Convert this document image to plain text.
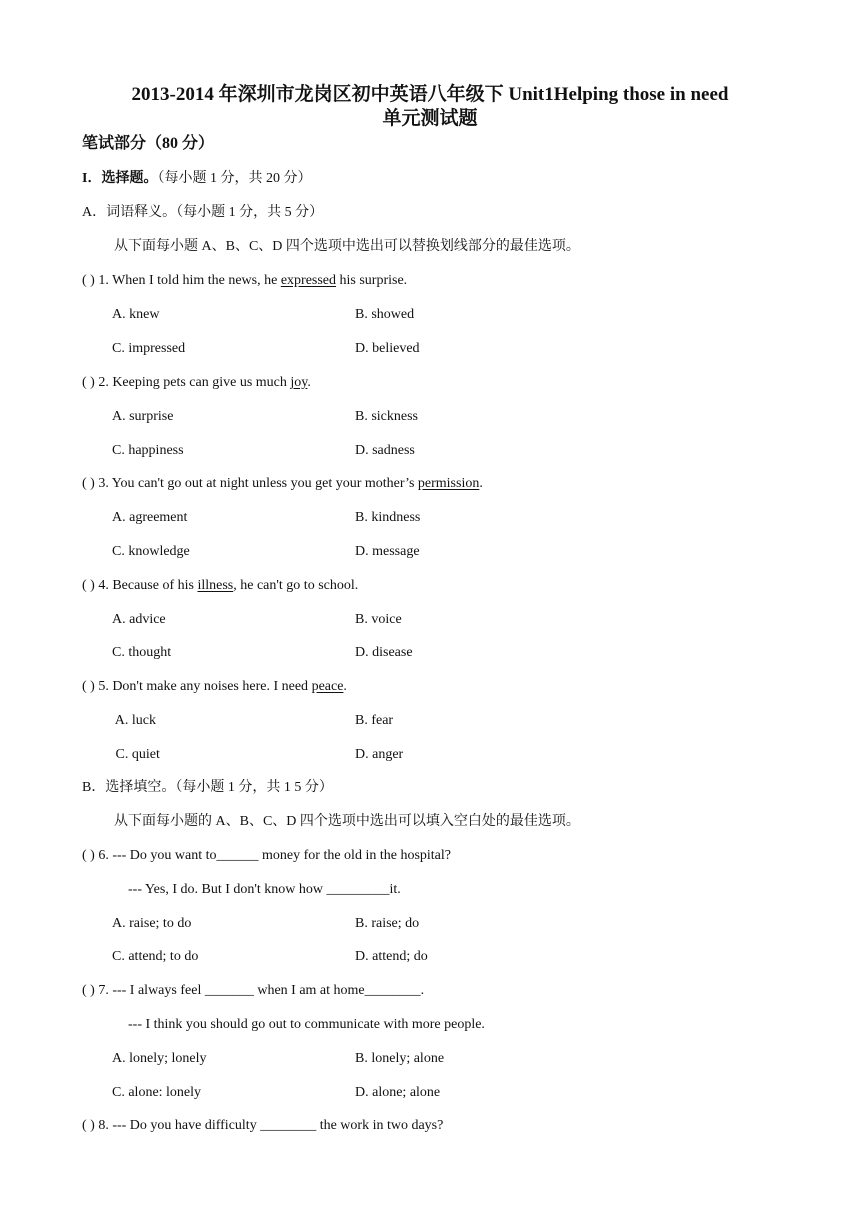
2013-2014 年深圳市龙岗区初中英语八年级下 Unit1Helping those in need
单元测试题
笔试部分（80 分）
I．选择题。（每小题 1 分，共 20 分）
A．词语释义。（每小题 1 分，共 5 分）
从下面每小题 A、B、C、D 四个选项中选出可以替换划线部分的最佳选项。
( ) 1. When I told him the news, he expressed his surprise.
A. knew	B. showed
C. impressed	D. believed
( ) 2. Keeping pets can give us much joy.
A. surprise	B. sickness
C. happiness	D. sadness
( ) 3. You can't go out at night unless you get your mother’s permission.
A. agreement	B. kindness
C. knowledge	D. message
( ) 4. Because of his illness, he can't go to school.
A. advice	B. voice
C. thought	D. disease
( ) 5. Don't make any noises here. I need peace.
A. luck	B. fear
C. quiet	D. anger
B．选择填空。（每小题 1 分，共 1 5 分）
从下面每小题的 A、B、C、D 四个选项中选出可以填入空白处的最佳选项。
( ) 6. --- Do you want to______ money for the old in the hospital?
--- Yes, I do. But I don't know how _________it.
A. raise; to do	B. raise; do
C. attend; to do	D. attend; do
( ) 7. --- I always feel _______ when I am at home________.
--- I think you should go out to communicate with more people.
A. lonely; lonely	B. lonely; alone
C. alone: lonely	D. alone; alone
( ) 8. --- Do you have difficulty ________ the work in two days?
